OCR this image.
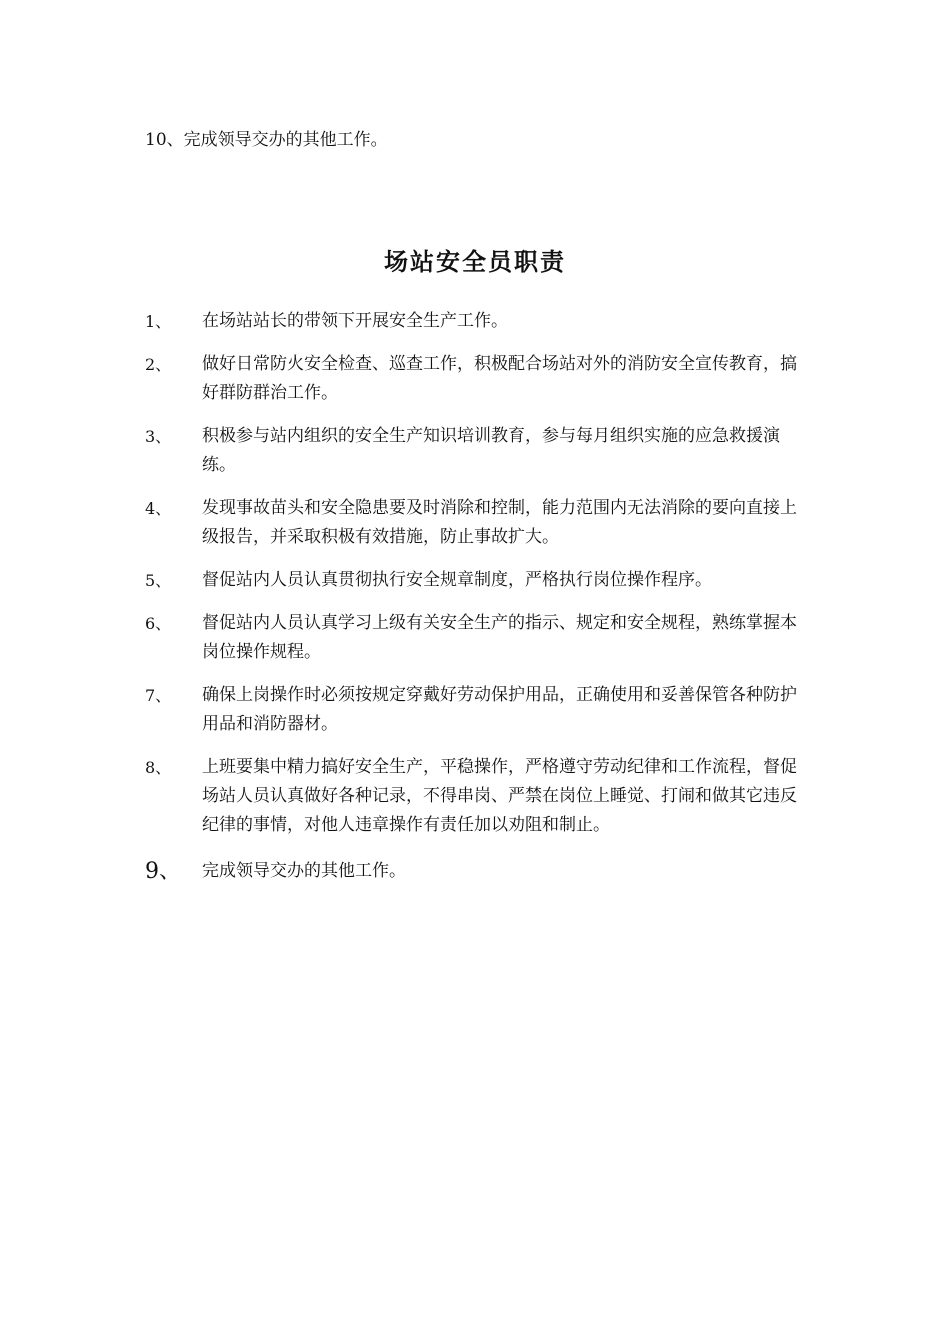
10、完成领导交办的其他工作。
场站安全员职责
1、 在场站站长的带领下开展安全生产工作。
2、 做好日常防火安全检查、巡查工作，积极配合场站对外的消防安全宣传教育，搞好群防群治工作。
3、 积极参与站内组织的安全生产知识培训教育，参与每月组织实施的应急救援演练。
4、 发现事故苗头和安全隐患要及时消除和控制，能力范围内无法消除的要向直接上级报告，并采取积极有效措施，防止事故扩大。
5、 督促站内人员认真贯彻执行安全规章制度，严格执行岗位操作程序。
6、 督促站内人员认真学习上级有关安全生产的指示、规定和安全规程，熟练掌握本岗位操作规程。
7、 确保上岗操作时必须按规定穿戴好劳动保护用品，正确使用和妥善保管各种防护用品和消防器材。
8、 上班要集中精力搞好安全生产，平稳操作，严格遵守劳动纪律和工作流程，督促场站人员认真做好各种记录，不得串岗、严禁在岗位上睡觉、打闹和做其它违反纪律的事情，对他人违章操作有责任加以劝阻和制止。
9、 完成领导交办的其他工作。
